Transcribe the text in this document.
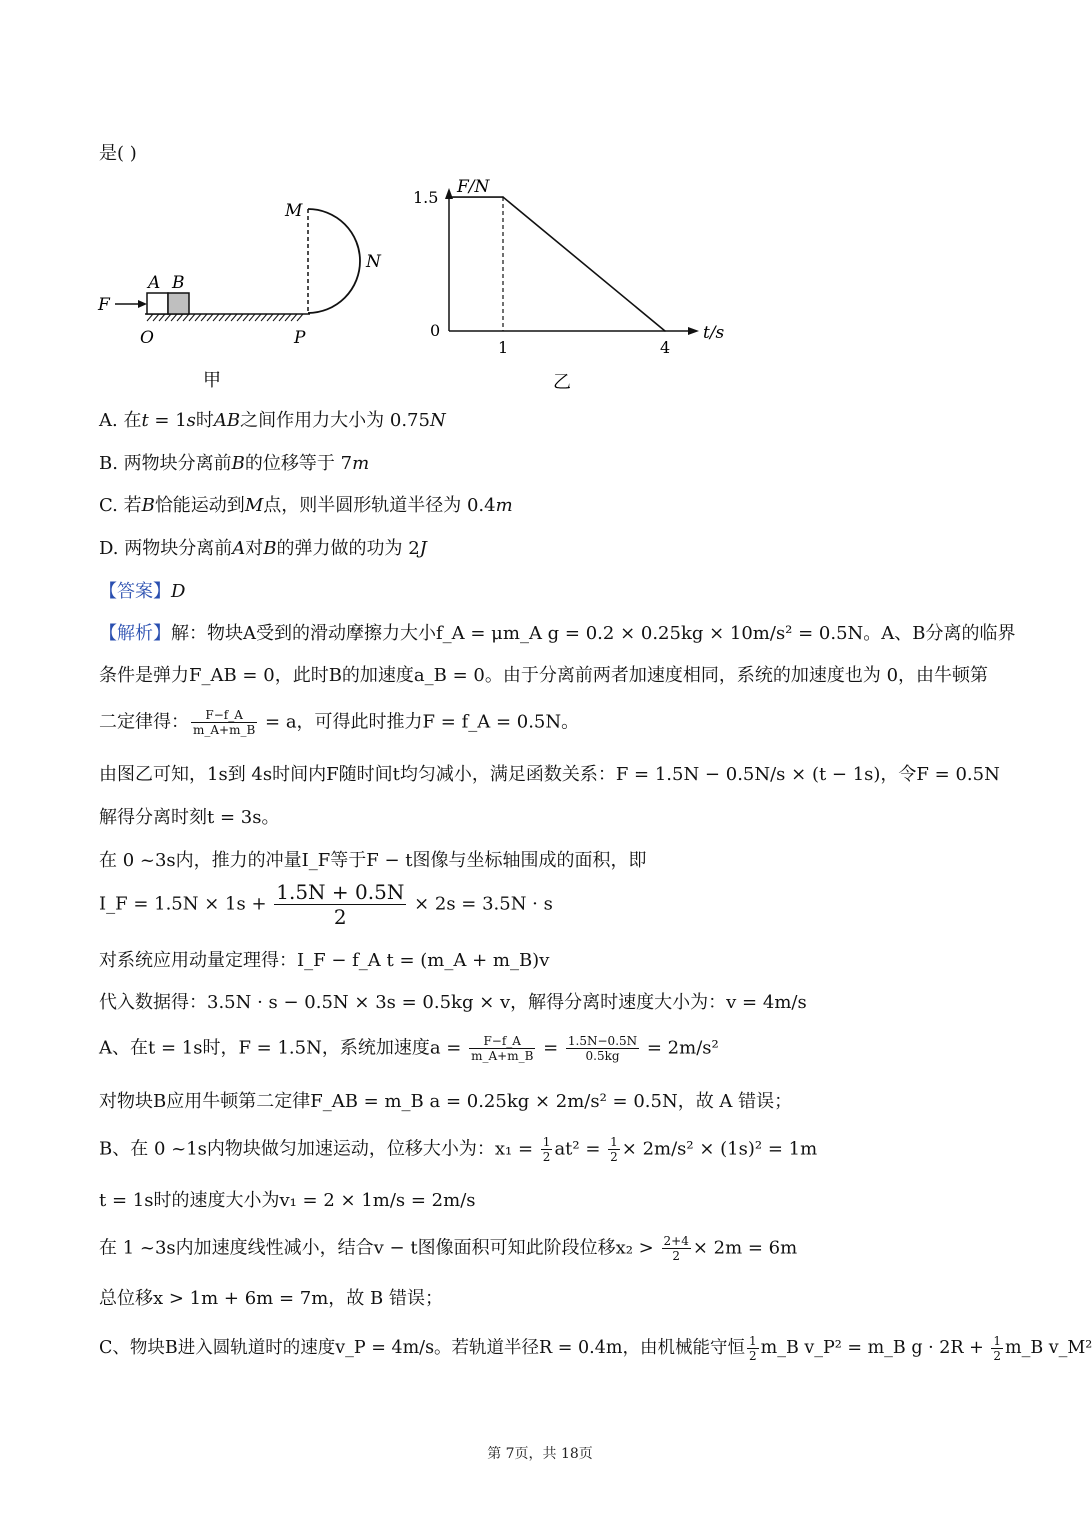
是( )
F
A B
O	P
M
N
甲
F/N
t/s
0
1	4
1.5
乙
A. 在t = 1s时AB之间作用力大小为 0.75N
B. 两物块分离前B的位移等于 7m
C. 若B恰能运动到M点，则半圆形轨道半径为 0.4m
D. 两物块分离前A对B的弹力做的功为 2J
【答案】D
【解析】解：物块A受到的滑动摩擦力大小f_A = μm_A g = 0.2 × 0.25kg × 10m/s² = 0.5N。A、B分离的临界
条件是弹力F_AB = 0，此时B的加速度a_B = 0。由于分离前两者加速度相同，系统的加速度也为 0，由牛顿第
二定律得： $\frac{F-f\_A}{m\_A+m\_B} = a$，可得此时推力F = f_A = 0.5N。
由图乙可知，1s到 4s时间内F随时间t均匀减小，满足函数关系：F = 1.5N − 0.5N/s × (t − 1s)，令F = 0.5N
解得分离时刻t = 3s。
在 0 ~3s内，推力的冲量I_F等于F − t图像与坐标轴围成的面积，即
I_F = $1.5N \times 1s + \frac{1.5N + 0.5N}{2} \times 2s = 3.5N \cdot s$
对系统应用动量定理得：I_F − f_A t = (m_A + m_B)v
代入数据得：3.5N · s − 0.5N × 3s = 0.5kg × v，解得分离时速度大小为：v = 4m/s
A、在t = 1s时，F = 1.5N，系统加速度$a = \frac{F-f\_A}{m\_A+m\_B} = \frac{1.5N-0.5N}{0.5kg} = 2m/s^2$
对物块B应用牛顿第二定律F_AB = m_B a = 0.25kg × 2m/s² = 0.5N，故 A 错误；
B、在 0 ~1s内物块做匀加速运动，位移大小为：$x_1 = \frac{1}{2} at^2 = \frac{1}{2} \times 2m/s^2 \times (1s)^2 = 1m$
t = 1s时的速度大小为v₁ = 2 × 1m/s = 2m/s
在 1 ~3s内加速度线性减小，结合v − t图像面积可知此阶段位移$x_2 > \frac{2+4}{2} \times 2m = 6m$
总位移x > 1m + 6m = 7m，故 B 错误；
C、物块B进入圆轨道时的速度v_P = 4m/s。若轨道半径R = 0.4m，由机械能守恒 $\frac{1}{2}$ m_B v_P² = m_B $g \cdot 2R + \frac{1}{2}$ m_B v_M²
第 7页，共 18页
